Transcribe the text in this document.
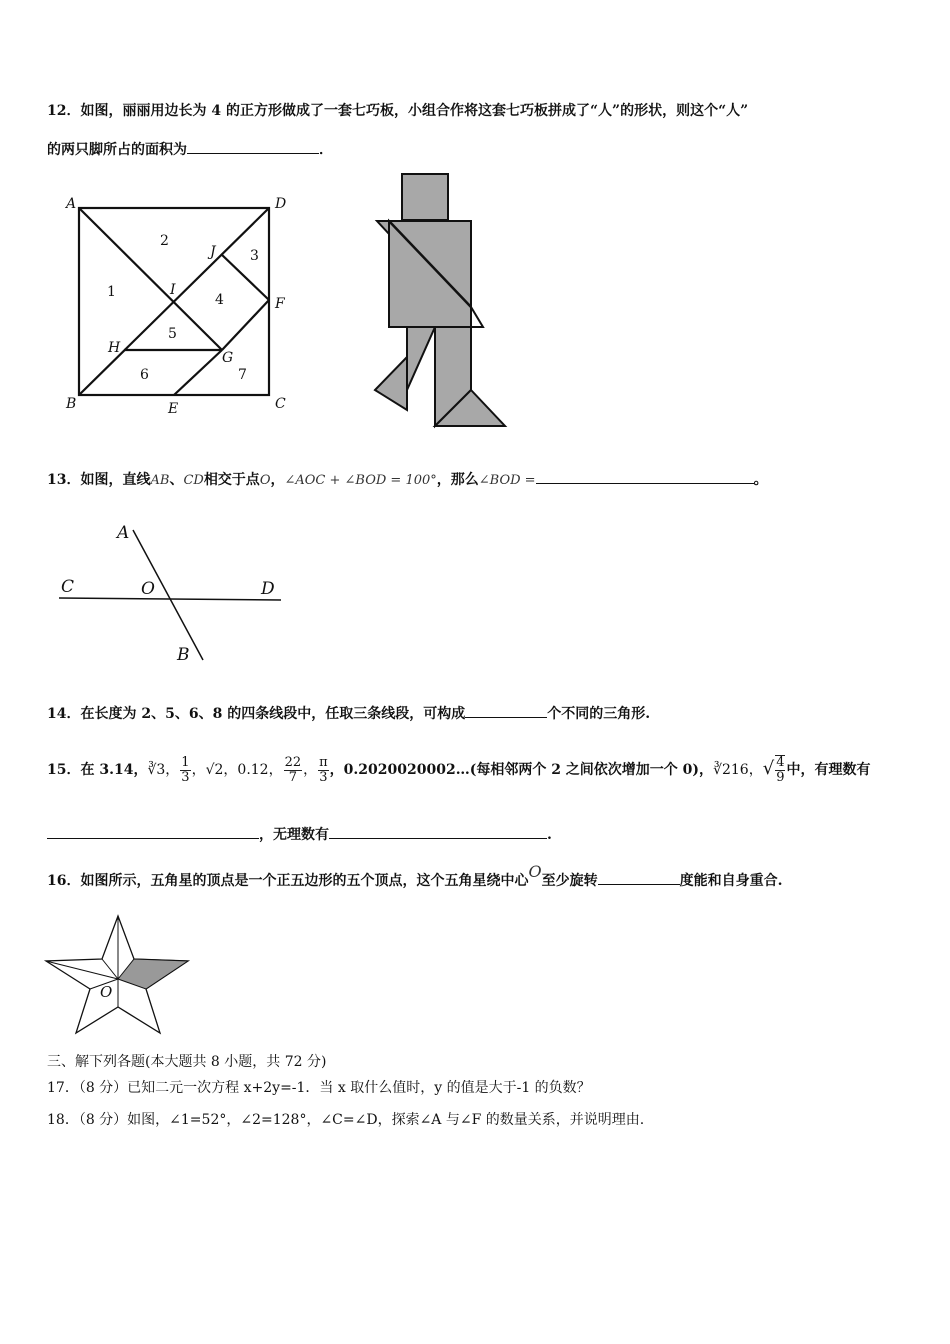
12．如图，丽丽用边长为 4 的正方形做成了一套七巧板，小组合作将这套七巧板拼成了“人”的形状，则这个“人”
的两只脚所占的面积为	．
A
B	C
D
E
F
G
H
I
J
1
2
3
4
5
6	7
13．如图，直线AB、CD相交于点O，∠AOC + ∠BOD = 100°，那么∠BOD =	。
A
B
C	D
O
14．在长度为 2、5、6、8 的四条线段中，任取三条线段，可构成	个不同的三角形.
15．在 3.14，∛3， $\frac{1}{3}$ ，√2，0.12， $\frac{22}{7}$ ， $\frac{\pi}{3}$ ，0.2020020002…(每相邻两个 2 之间依次增加一个 0)，∛216，√ $\frac{4}{9}$ 中，有理数有
，无理数有	.
16．如图所示，五角星的顶点是一个正五边形的五个顶点，这个五角星绕中心O至少旋转	度能和自身重合.
O
三、解下列各题(本大题共 8 小题，共 72 分)
17．（8 分）已知二元一次方程 x+2y=-1．当 x 取什么值时，y 的值是大于-1 的负数？
18．（8 分）如图，∠1=52°，∠2=128°，∠C=∠D，探索∠A 与∠F 的数量关系，并说明理由.
